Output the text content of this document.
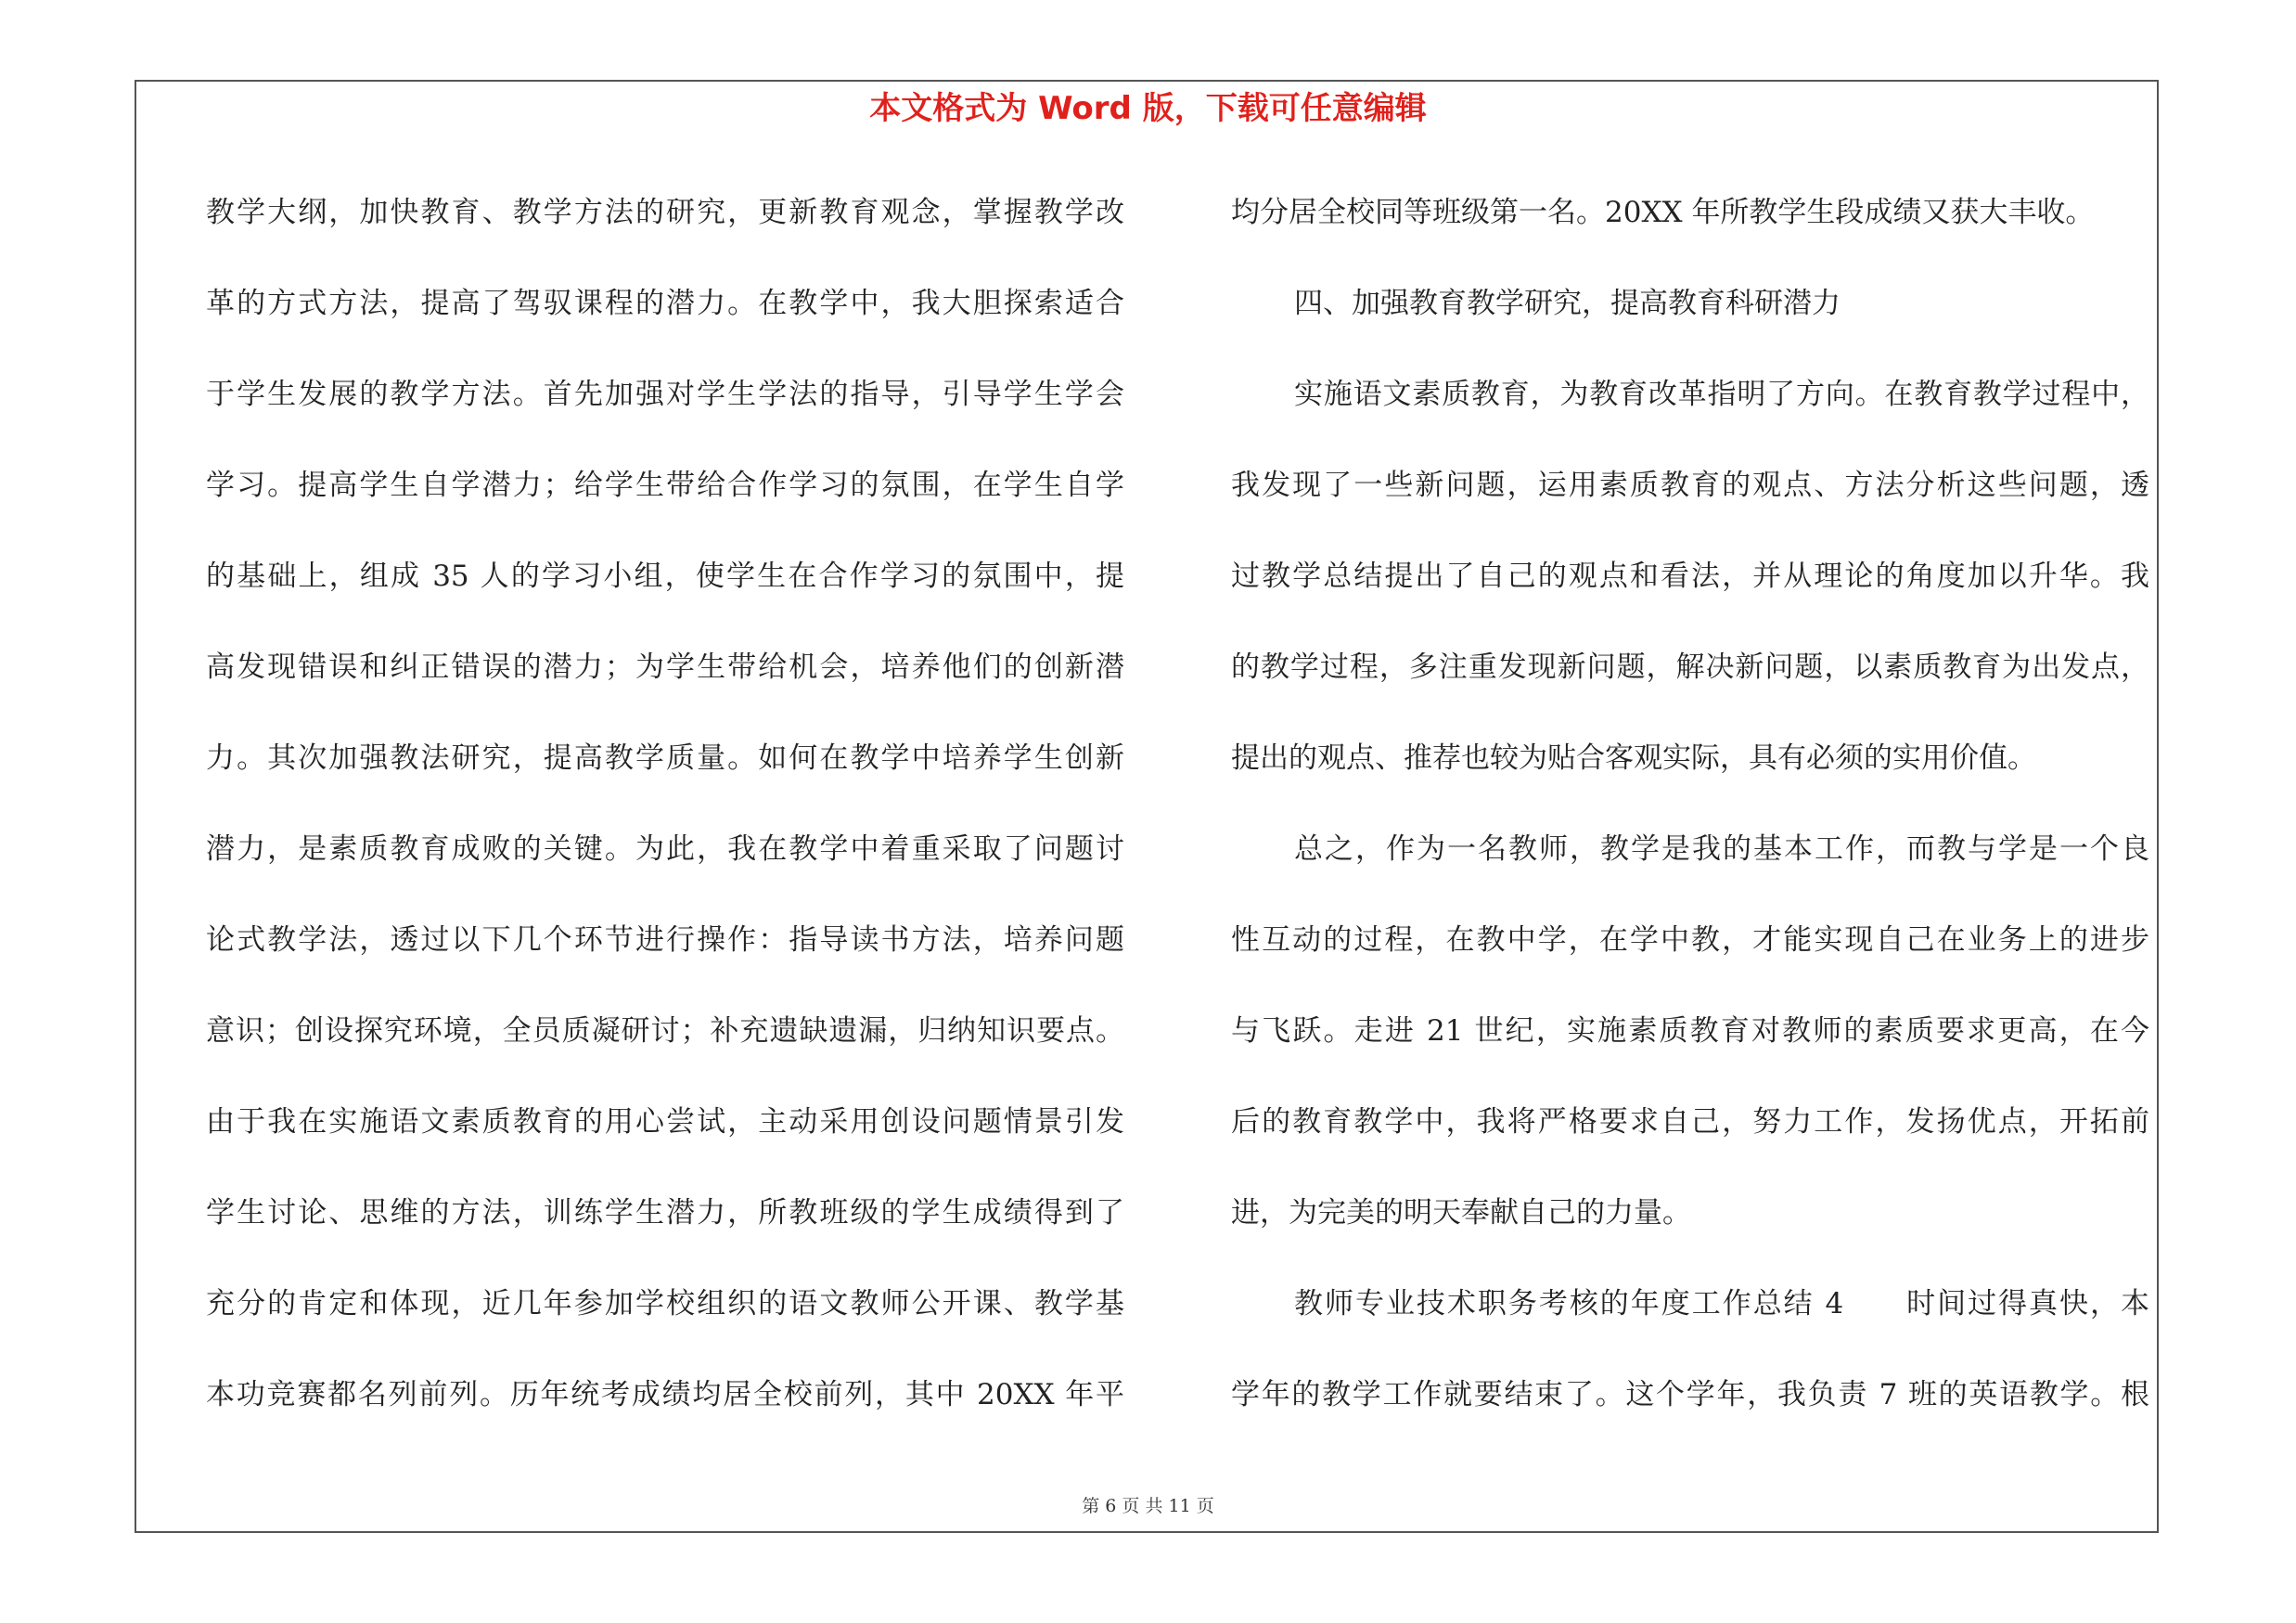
本文格式为 Word 版，下载可任意编辑
教学大纲，加快教育、教学方法的研究，更新教育观念，掌握教学改
革的方式方法，提高了驾驭课程的潜力。在教学中，我大胆探索适合
于学生发展的教学方法。首先加强对学生学法的指导，引导学生学会
学习。提高学生自学潜力；给学生带给合作学习的氛围，在学生自学
的基础上，组成 35 人的学习小组，使学生在合作学习的氛围中，提
高发现错误和纠正错误的潜力；为学生带给机会，培养他们的创新潜
力。其次加强教法研究，提高教学质量。如何在教学中培养学生创新
潜力，是素质教育成败的关键。为此，我在教学中着重采取了问题讨
论式教学法，透过以下几个环节进行操作：指导读书方法，培养问题
意识；创设探究环境，全员质凝研讨；补充遗缺遗漏，归纳知识要点。
由于我在实施语文素质教育的用心尝试，主动采用创设问题情景引发
学生讨论、思维的方法，训练学生潜力，所教班级的学生成绩得到了
充分的肯定和体现，近几年参加学校组织的语文教师公开课、教学基
本功竞赛都名列前列。历年统考成绩均居全校前列，其中 20XX 年平
均分居全校同等班级第一名。20XX 年所教学生段成绩又获大丰收。
四、加强教育教学研究，提高教育科研潜力
实施语文素质教育，为教育改革指明了方向。在教育教学过程中，
我发现了一些新问题，运用素质教育的观点、方法分析这些问题，透
过教学总结提出了自己的观点和看法，并从理论的角度加以升华。我
的教学过程，多注重发现新问题，解决新问题，以素质教育为出发点，
提出的观点、推荐也较为贴合客观实际，具有必须的实用价值。
总之，作为一名教师，教学是我的基本工作，而教与学是一个良
性互动的过程，在教中学，在学中教，才能实现自己在业务上的进步
与飞跃。走进 21 世纪，实施素质教育对教师的素质要求更高，在今
后的教育教学中，我将严格要求自己，努力工作，发扬优点，开拓前
进，为完美的明天奉献自己的力量。
教师专业技术职务考核的年度工作总结 4　　时间过得真快，本
学年的教学工作就要结束了。这个学年，我负责 7 班的英语教学。根
第 6 页 共 11 页
